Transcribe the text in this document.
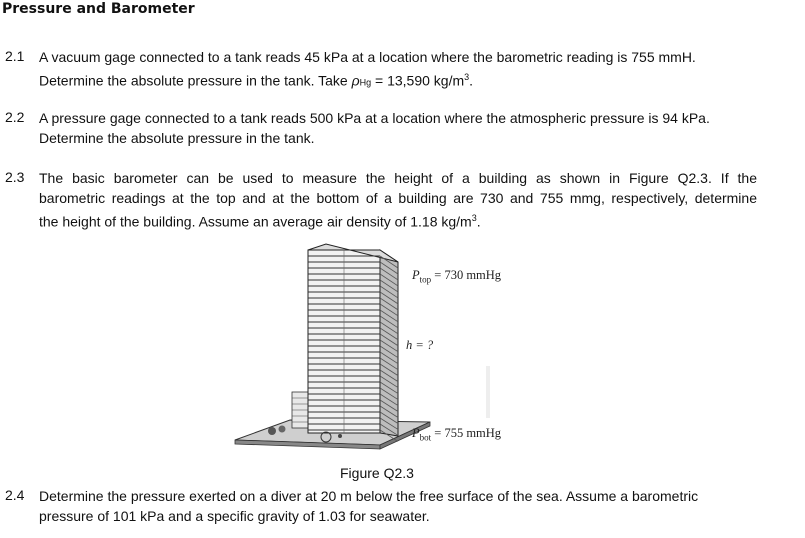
Pressure and Barometer
2.1 A vacuum gage connected to a tank reads 45 kPa at a location where the barometric reading is 755 mmH.
Determine the absolute pressure in the tank. Take ρHg = 13,590 $kg/m^3$.
2.2 A pressure gage connected to a tank reads 500 kPa at a location where the atmospheric pressure is 94 kPa.
Determine the absolute pressure in the tank.
2.3 The basic barometer can be used to measure the height of a building as shown in Figure Q2.3. If the
barometric readings at the top and at the bottom of a building are 730 and 755 mmg, respectively, determine
the height of the building. Assume an average air density of 1.18 $kg/m^3$.
$P_{top} = 730$ mmHg
h = ?
$P_{bot} = 755$ mmHg
Figure Q2.3
2.4 Determine the pressure exerted on a diver at 20 m below the free surface of the sea. Assume a barometric
pressure of 101 kPa and a specific gravity of 1.03 for seawater.
